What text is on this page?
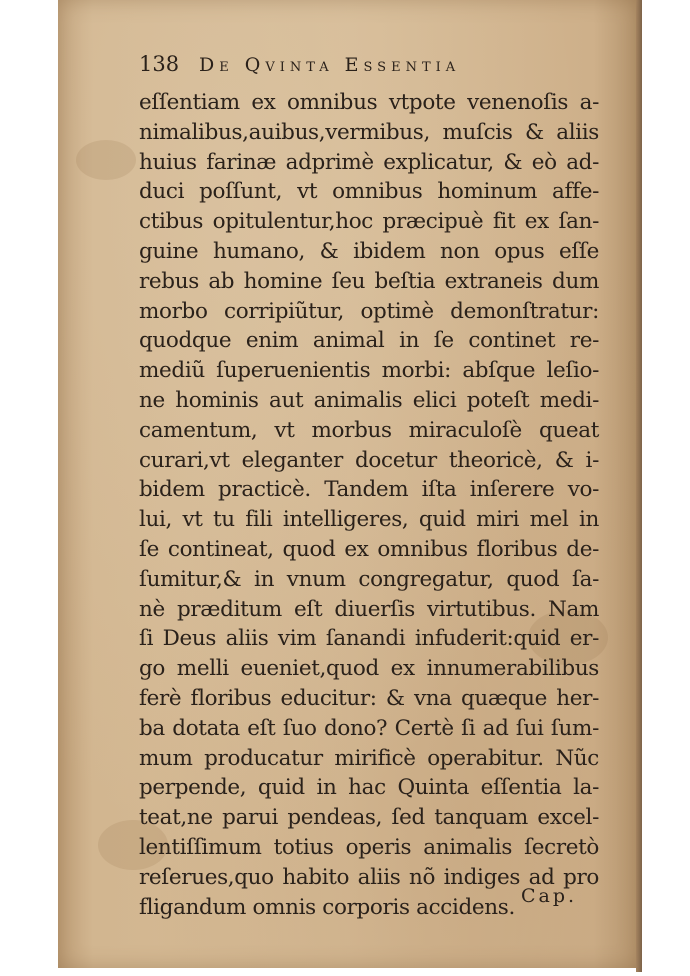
138	De Qvinta Essentia
eſſentiam ex omnibus vtpote venenoſis a-
nimalibus,auibus,vermibus, muſcis & aliis
huius farinæ adprimè explicatur, & eò ad-
duci poſſunt, vt omnibus hominum affe-
ctibus opitulentur,hoc præcipuè fit ex ſan-
guine humano, & ibidem non opus eſſe
rebus ab homine ſeu beſtia extraneis dum
morbo corripiũtur, optimè demonſtratur:
quodque enim animal in ſe continet re-
mediũ ſuperuenientis morbi: abſque leſio-
ne hominis aut animalis elici poteſt medi-
camentum, vt morbus miraculoſè queat
curari,vt eleganter docetur theoricè, & i-
bidem practicè. Tandem iſta inſerere vo-
lui, vt tu fili intelligeres, quid miri mel in
ſe contineat, quod ex omnibus floribus de-
ſumitur,& in vnum congregatur, quod ſa-
nè præditum eſt diuerſis virtutibus. Nam
ſi Deus aliis vim ſanandi infuderit:quid er-
go melli eueniet,quod ex innumerabilibus
ferè floribus educitur: & vna quæque her-
ba dotata eſt ſuo dono? Certè ſi ad ſui ſum-
mum producatur mirificè operabitur. Nũc
perpende, quid in hac Quinta eſſentia la-
teat,ne parui pendeas, ſed tanquam excel-
lentiſſimum totius operis animalis ſecretò
reſerues,quo habito aliis nõ indiges ad pro
fligandum omnis corporis accidens. Cap.
